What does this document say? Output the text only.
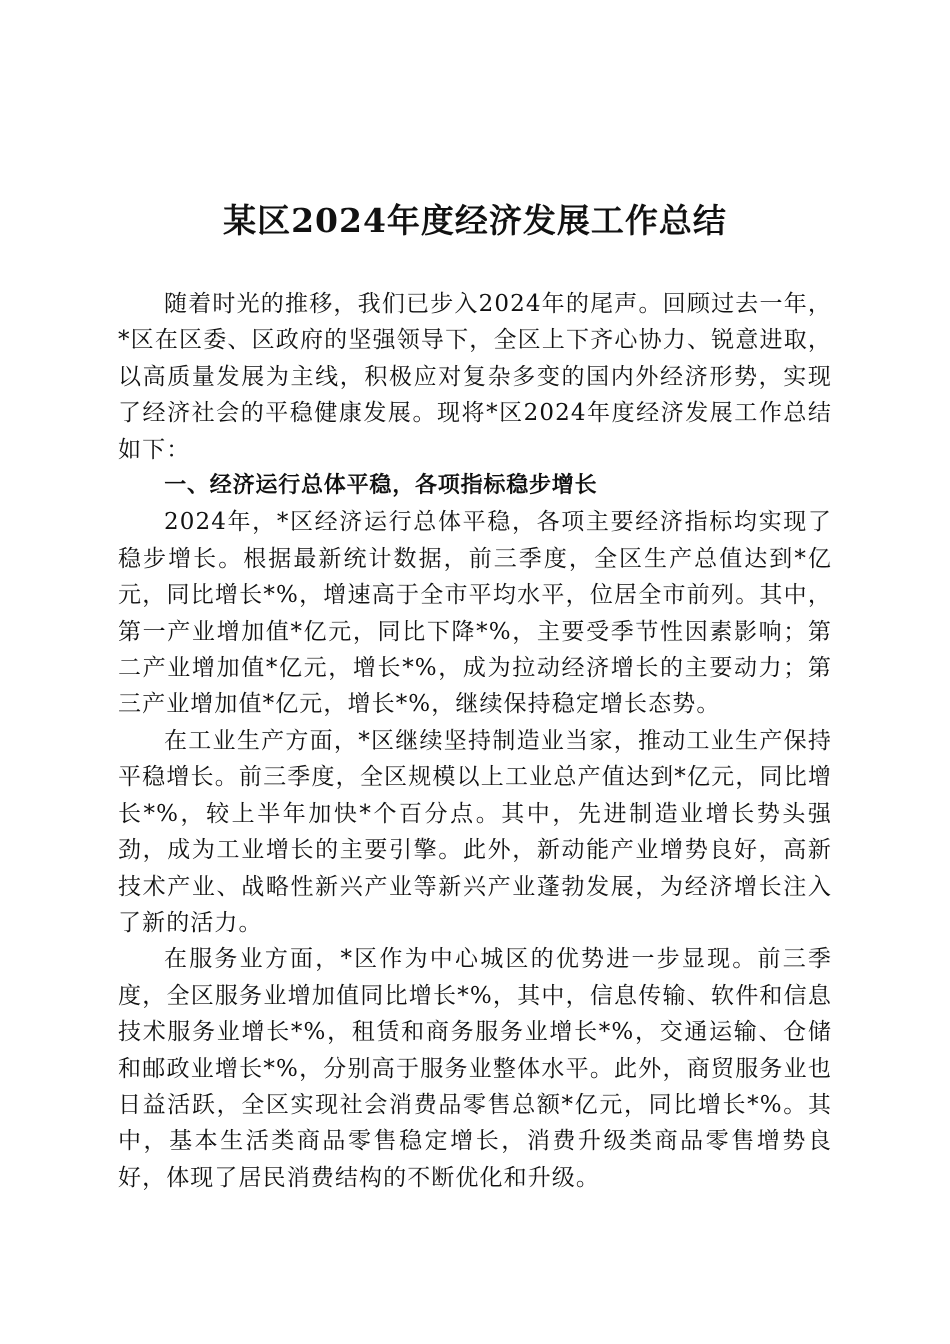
某区2024年度经济发展工作总结

随着时光的推移，我们已步入2024年的尾声。回顾过去一年，*区在区委、区政府的坚强领导下，全区上下齐心协力、锐意进取，以高质量发展为主线，积极应对复杂多变的国内外经济形势，实现了经济社会的平稳健康发展。现将*区2024年度经济发展工作总结如下：

一、经济运行总体平稳，各项指标稳步增长

2024年，*区经济运行总体平稳，各项主要经济指标均实现了稳步增长。根据最新统计数据，前三季度，全区生产总值达到*亿元，同比增长*%，增速高于全市平均水平，位居全市前列。其中，第一产业增加值*亿元，同比下降*%，主要受季节性因素影响；第二产业增加值*亿元，增长*%，成为拉动经济增长的主要动力；第三产业增加值*亿元，增长*%，继续保持稳定增长态势。

在工业生产方面，*区继续坚持制造业当家，推动工业生产保持平稳增长。前三季度，全区规模以上工业总产值达到*亿元，同比增长*%，较上半年加快*个百分点。其中，先进制造业增长势头强劲，成为工业增长的主要引擎。此外，新动能产业增势良好，高新技术产业、战略性新兴产业等新兴产业蓬勃发展，为经济增长注入了新的活力。

在服务业方面，*区作为中心城区的优势进一步显现。前三季度，全区服务业增加值同比增长*%，其中，信息传输、软件和信息技术服务业增长*%，租赁和商务服务业增长*%，交通运输、仓储和邮政业增长*%，分别高于服务业整体水平。此外，商贸服务业也日益活跃，全区实现社会消费品零售总额*亿元，同比增长*%。其中，基本生活类商品零售稳定增长，消费升级类商品零售增势良好，体现了居民消费结构的不断优化和升级。
